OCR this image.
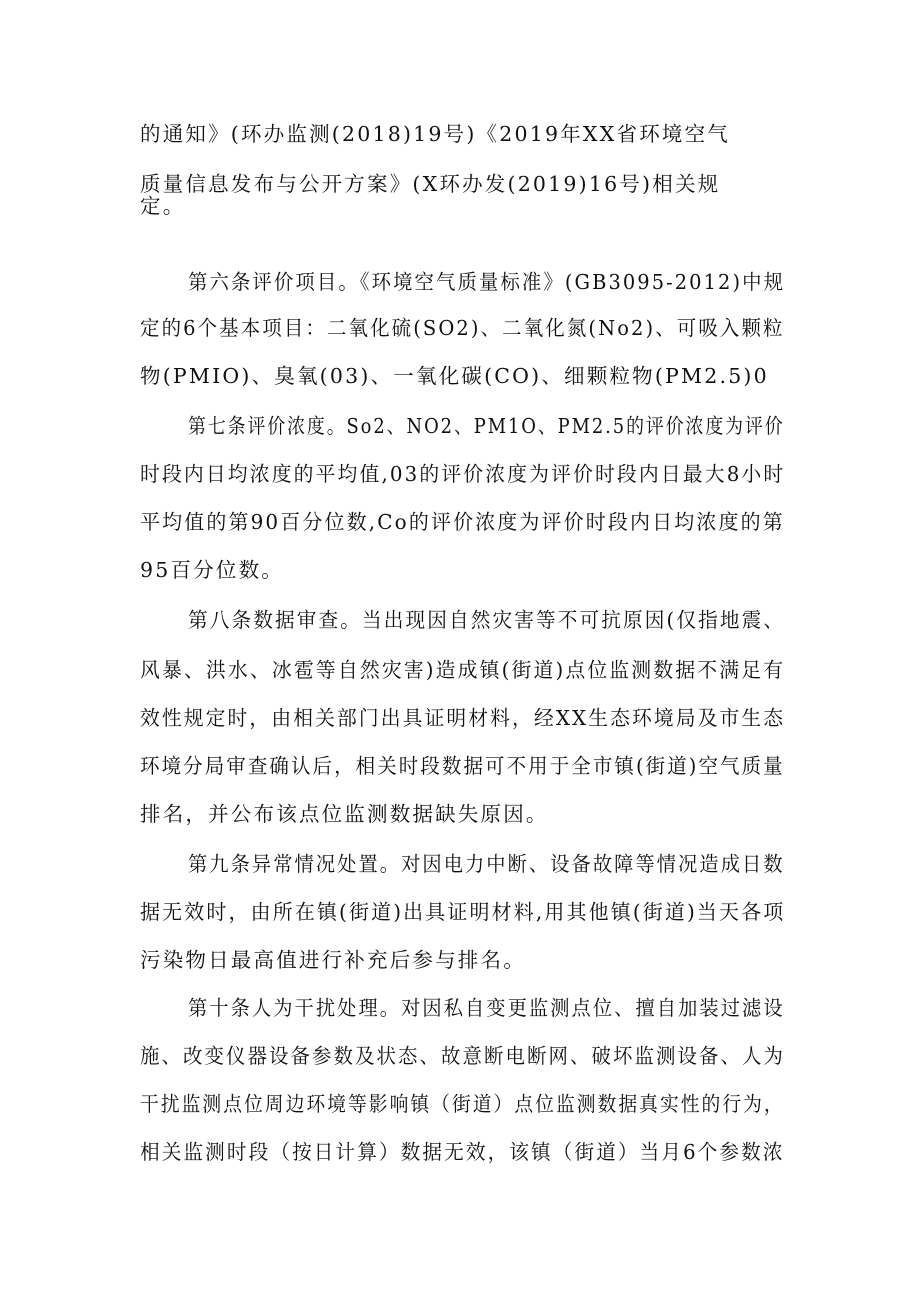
的通知》(环办监测(2018)19号)《2019年XX省环境空气
质量信息发布与公开方案》(X环办发(2019)16号)相关规
定。
第六条评价项目。《环境空气质量标准》(GB3095-2012)中规
定的6个基本项目：二氧化硫(SO2)、二氧化氮(No2)、可吸入颗粒
物(PMIO)、臭氧(03)、一氧化碳(CO)、细颗粒物(PM2.5)0
第七条评价浓度。So2、NO2、PM1O、PM2.5的评价浓度为评价
时段内日均浓度的平均值,03的评价浓度为评价时段内日最大8小时
平均值的第90百分位数,Co的评价浓度为评价时段内日均浓度的第
95百分位数。
第八条数据审查。当出现因自然灾害等不可抗原因(仅指地震、
风暴、洪水、冰雹等自然灾害)造成镇(街道)点位监测数据不满足有
效性规定时，由相关部门出具证明材料，经XX生态环境局及市生态
环境分局审查确认后，相关时段数据可不用于全市镇(街道)空气质量
排名，并公布该点位监测数据缺失原因。
第九条异常情况处置。对因电力中断、设备故障等情况造成日数
据无效时，由所在镇(街道)出具证明材料,用其他镇(街道)当天各项
污染物日最高值进行补充后参与排名。
第十条人为干扰处理。对因私自变更监测点位、擅自加装过滤设
施、改变仪器设备参数及状态、故意断电断网、破坏监测设备、人为
干扰监测点位周边环境等影响镇（街道）点位监测数据真实性的行为，
相关监测时段（按日计算）数据无效，该镇（街道）当月6个参数浓
